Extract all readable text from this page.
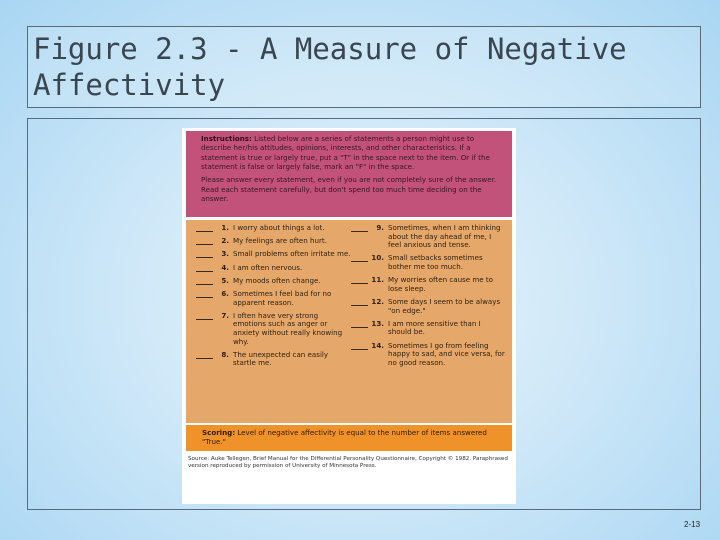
Figure 2.3 - A Measure of Negative Affectivity

Instructions: Listed below are a series of statements a person might use to describe her/his attitudes, opinions, interests, and other characteristics. If a statement is true or largely true, put a "T" in the space next to the item. Or if the statement is false or largely false, mark an "F" in the space.

Please answer every statement, even if you are not completely sure of the answer. Read each statement carefully, but don't spend too much time deciding on the answer.

1. I worry about things a lot.
2. My feelings are often hurt.
3. Small problems often irritate me.
4. I am often nervous.
5. My moods often change.
6. Sometimes I feel bad for no apparent reason.
7. I often have very strong emotions such as anger or anxiety without really knowing why.
8. The unexpected can easily startle me.
9. Sometimes, when I am thinking about the day ahead of me, I feel anxious and tense.
10. Small setbacks sometimes bother me too much.
11. My worries often cause me to lose sleep.
12. Some days I seem to be always "on edge."
13. I am more sensitive than I should be.
14. Sometimes I go from feeling happy to sad, and vice versa, for no good reason.
Scoring: Level of negative affectivity is equal to the number of items answered "True."
Source: Auke Tellegen, Brief Manual for the Differential Personality Questionnaire, Copyright © 1982. Paraphrased version reproduced by permission of University of Minnesota Press.
2-13
